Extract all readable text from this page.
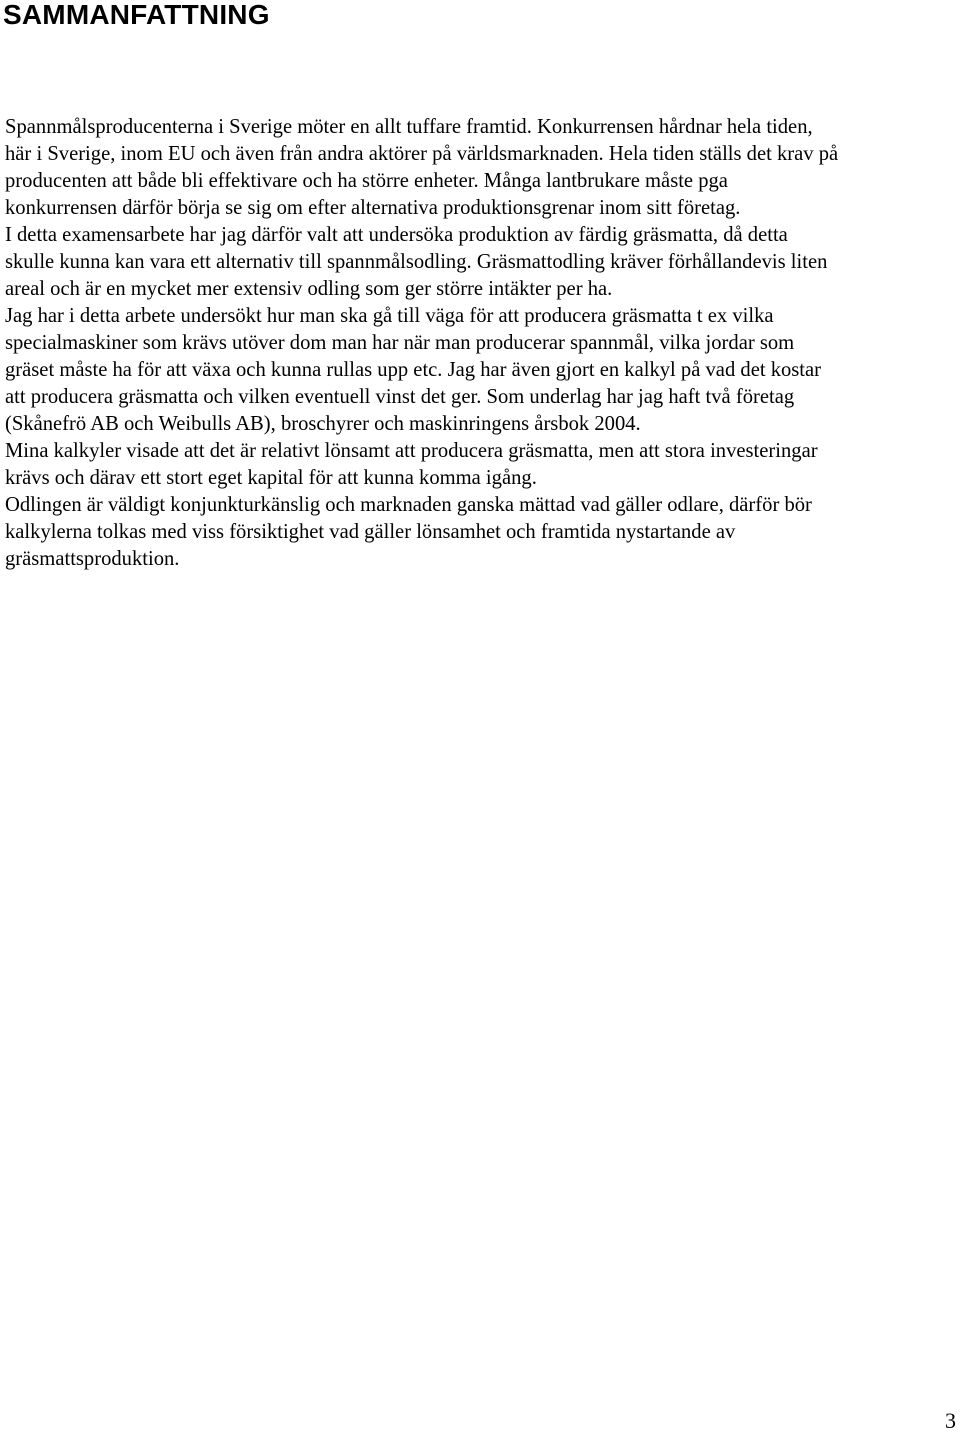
SAMMANFATTNING

Spannmålsproducenterna i Sverige möter en allt tuffare framtid. Konkurrensen hårdnar hela tiden,
här i Sverige, inom EU och även från andra aktörer på världsmarknaden. Hela tiden ställs det krav på
producenten att både bli effektivare och ha större enheter. Många lantbrukare måste pga
konkurrensen därför börja se sig om efter alternativa produktionsgrenar inom sitt företag.

I detta examensarbete har jag därför valt att undersöka produktion av färdig gräsmatta, då detta
skulle kunna kan vara ett alternativ till spannmålsodling. Gräsmattodling kräver förhållandevis liten
areal och är en mycket mer extensiv odling som ger större intäkter per ha.

Jag har i detta arbete undersökt hur man ska gå till väga för att producera gräsmatta t ex vilka
specialmaskiner som krävs utöver dom man har när man producerar spannmål, vilka jordar som
gräset måste ha för att växa och kunna rullas upp etc. Jag har även gjort en kalkyl på vad det kostar
att producera gräsmatta och vilken eventuell vinst det ger. Som underlag har jag haft två företag
(Skånefrö AB och Weibulls AB), broschyrer och maskinringens årsbok 2004.

Mina kalkyler visade att det är relativt lönsamt att producera gräsmatta, men att stora investeringar
krävs och därav ett stort eget kapital för att kunna komma igång.

Odlingen är väldigt konjunkturkänslig och marknaden ganska mättad vad gäller odlare, därför bör
kalkylerna tolkas med viss försiktighet vad gäller lönsamhet och framtida nystartande av
gräsmattsproduktion.

3
